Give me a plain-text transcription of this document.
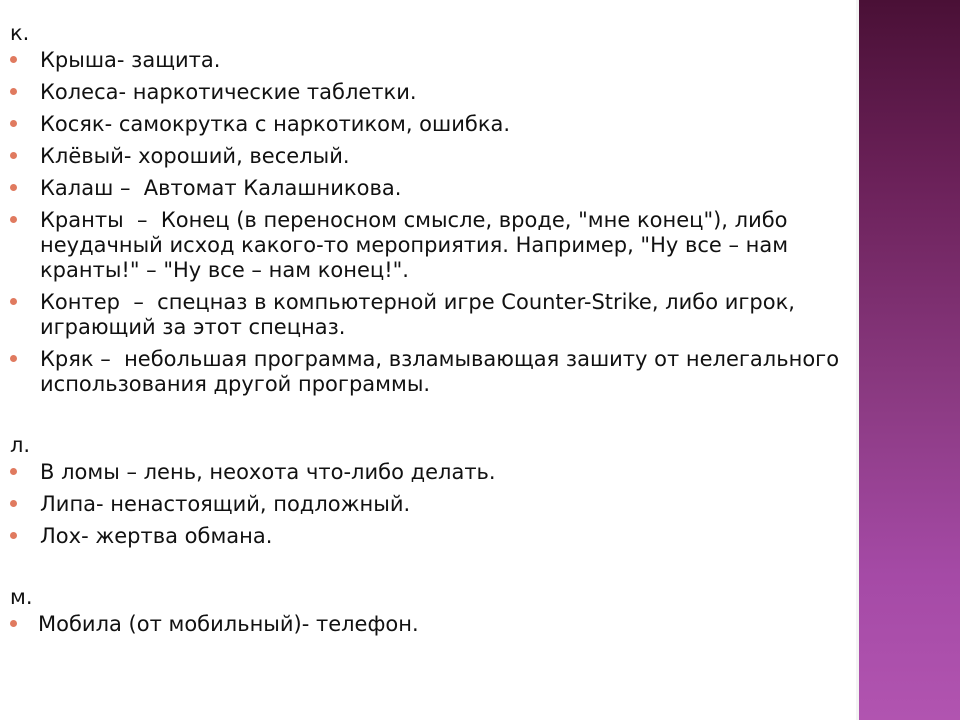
к.

Крыша- защита.
Колеса- наркотические таблетки.
Косяк- самокрутка с наркотиком, ошибка.
Клёвый- хороший, веселый.
Калаш –  Автомат Калашникова.
Кранты  –  Конец (в переносном смысле, вроде, "мне конец"), либо неудачный исход какого-то мероприятия. Например, "Ну все – нам кранты!" – "Ну все – нам конец!".
Контер  –  спецназ в компьютерной игре Counter-Strike, либо игрок, играющий за этот спецназ.
Кряк –  небольшая программа, взламывающая зашиту от нелегального использования другой программы.

л.

В ломы – лень, неохота что-либо делать.
Липа- ненастоящий, подложный.
Лох- жертва обмана.

м.

Мобила (от мобильный)- телефон.
